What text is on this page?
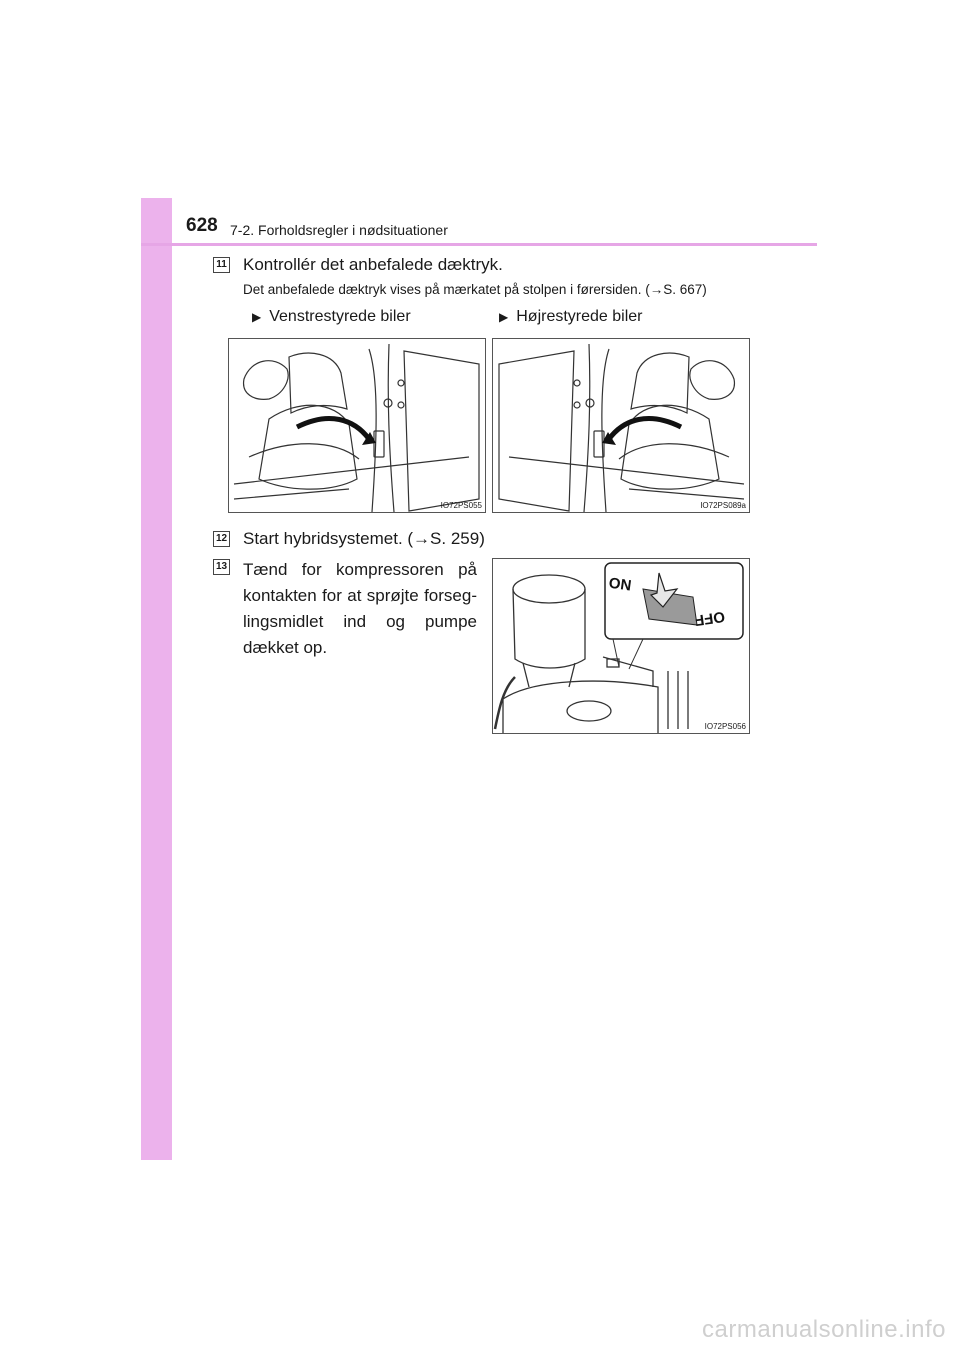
628 7-2. Forholdsregler i nødsituationer
11 Kontrollér det anbefalede dæktryk.
Det anbefalede dæktryk vises på mærkatet på stolpen i førersiden. (→S. 667)
▶ Venstrestyrede biler	▶ Højrestyrede biler
IO72PS055	IO72PS089a
12 Start hybridsystemet. (→S. 259)
13 Tænd for kompressoren på kontakten for at sprøjte forseg-lingsmidlet ind og pumpe dækket op.
ON
OFF
IO72PS056
carmanualsonline.info
